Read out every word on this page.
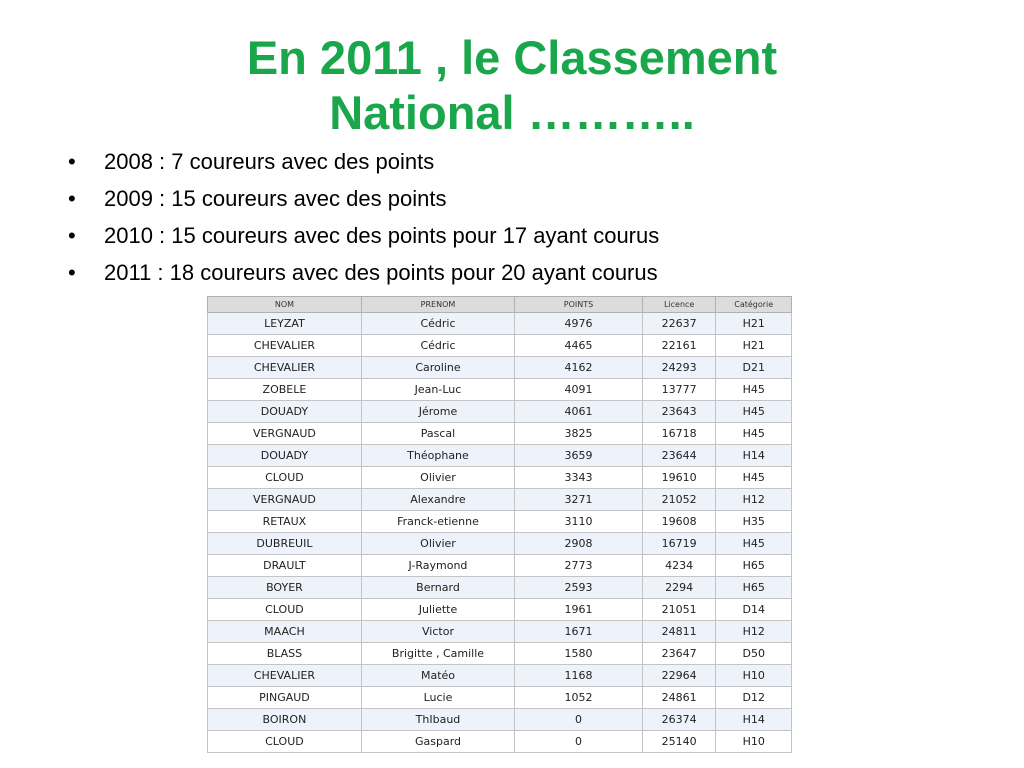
En 2011 , le Classement
National ………..
• 2008 : 7 coureurs avec des points
• 2009 : 15 coureurs avec des points
• 2010 : 15 coureurs avec des points pour 17 ayant courus
• 2011 : 18 coureurs avec des points pour 20 ayant courus
NOM	PRENOM	POINTS	Licence	Catégorie
LEYZAT	Cédric	4976	22637	H21
CHEVALIER	Cédric	4465	22161	H21
CHEVALIER	Caroline	4162	24293	D21
ZOBELE	Jean-Luc	4091	13777	H45
DOUADY	Jérome	4061	23643	H45
VERGNAUD	Pascal	3825	16718	H45
DOUADY	Théophane	3659	23644	H14
CLOUD	Olivier	3343	19610	H45
VERGNAUD	Alexandre	3271	21052	H12
RETAUX	Franck-etienne	3110	19608	H35
DUBREUIL	Olivier	2908	16719	H45
DRAULT	J-Raymond	2773	4234	H65
BOYER	Bernard	2593	2294	H65
CLOUD	Juliette	1961	21051	D14
MAACH	Victor	1671	24811	H12
BLASS	Brigitte , Camille	1580	23647	D50
CHEVALIER	Matéo	1168	22964	H10
PINGAUD	Lucie	1052	24861	D12
BOIRON	ThIbaud	0	26374	H14
CLOUD	Gaspard	0	25140	H10
